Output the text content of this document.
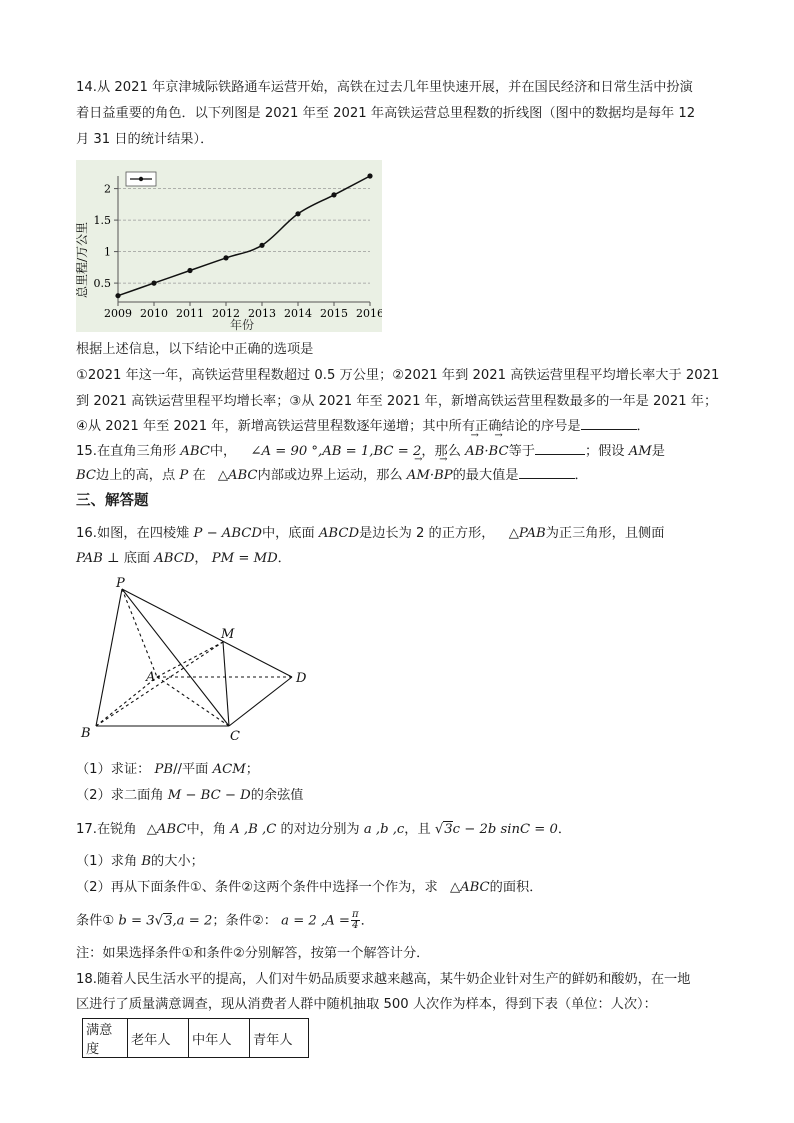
14.从 2021 年京津城际铁路通车运营开始，高铁在过去几年里快速开展，并在国民经济和日常生活中扮演
着日益重要的角色．以下列图是 2021 年至 2021 年高铁运营总里程数的折线图（图中的数据均是每年 12
月 31 日的统计结果）．
0.5
1
1.5
2
2009 2010 2011 2012 2013 2014 2015 2016
总里程/万公里
年份
根据上述信息，以下结论中正确的选项是
①2021 年这一年，高铁运营里程数超过 0.5 万公里；②2021 年到 2021 高铁运营里程平均增长率大于 2021
到 2021 高铁运营里程平均增长率；③从 2021 年至 2021 年，新增高铁运营里程数最多的一年是 2021 年；
④从 2021 年至 2021 年，新增高铁运营里程数逐年递增；其中所有正确结论的序号是	．
15.在直角三角形 ABC中， ∠A = 90 °,AB = 1,BC = 2，那么 → AB·→ BC等于	；假设 AM是
BC边上的高，点 P 在 △ABC内部或边界上运动，那么 → AM·→ BP的最大值是	．
三、解答题
16.如图，在四棱雉 P − ABCD中，底面 ABCD是边长为 2 的正方形， △PAB为正三角形，且侧面
PAB ⊥ 底面 ABCD， PM = MD．
P
M
A	D
B	C
（1）求证： PB//平面 ACM；
（2）求二面角 M − BC − D的余弦值
17.在锐角 △ABC中，角 A ,B ,C 的对边分别为 a ,b ,c，且 √3c − 2b sinC = 0．
（1）求角 B的大小；
（2）再从下面条件①、条件②这两个条件中选择一个作为，求 △ABC的面积．
条件① b = 3√3,a = 2；条件②： a = 2 $,A = \frac{\pi}{4}$ ．
注：如果选择条件①和条件②分别解答，按第一个解答计分．
18.随着人民生活水平的提高，人们对牛奶品质要求越来越高，某牛奶企业针对生产的鲜奶和酸奶，在一地
区进行了质量满意调查，现从消费者人群中随机抽取 500 人次作为样本，得到下表（单位：人次）：
满意度	老年人	中年人	青年人
